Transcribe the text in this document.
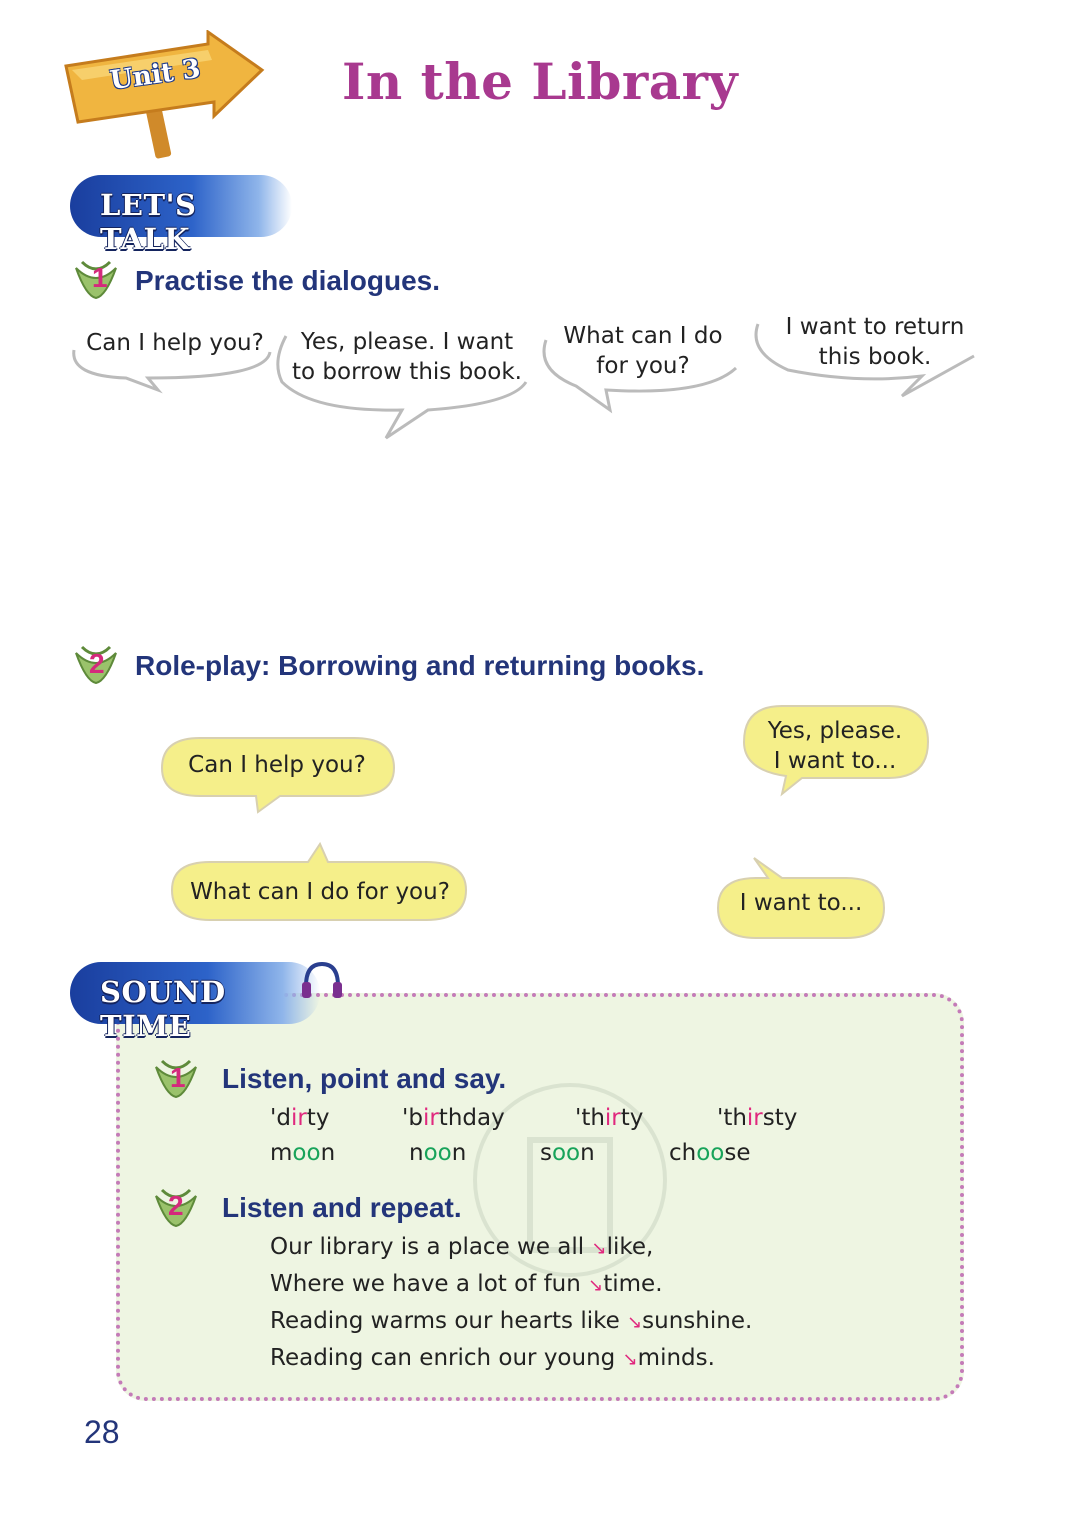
Unit 3	In the Library
LET'S TALK
1 Practise the dialogues.
Can I help you?	Yes, please. I want
to borrow this book.
What can I do
for you?
I want to return
this book.
2 Role-play: Borrowing and returning books.
Can I help you?
Yes, please.
I want to...
What can I do for you?	I want to...
SOUND TIME
1 Listen, point and say.
'dirty	'birthday	'thirty	'thirsty
moon	noon	soon	choose
2 Listen and repeat.
Our library is a place we all ↘like,
Where we have a lot of fun ↘time.
Reading warms our hearts like ↘sunshine.
Reading can enrich our young ↘minds.
28
